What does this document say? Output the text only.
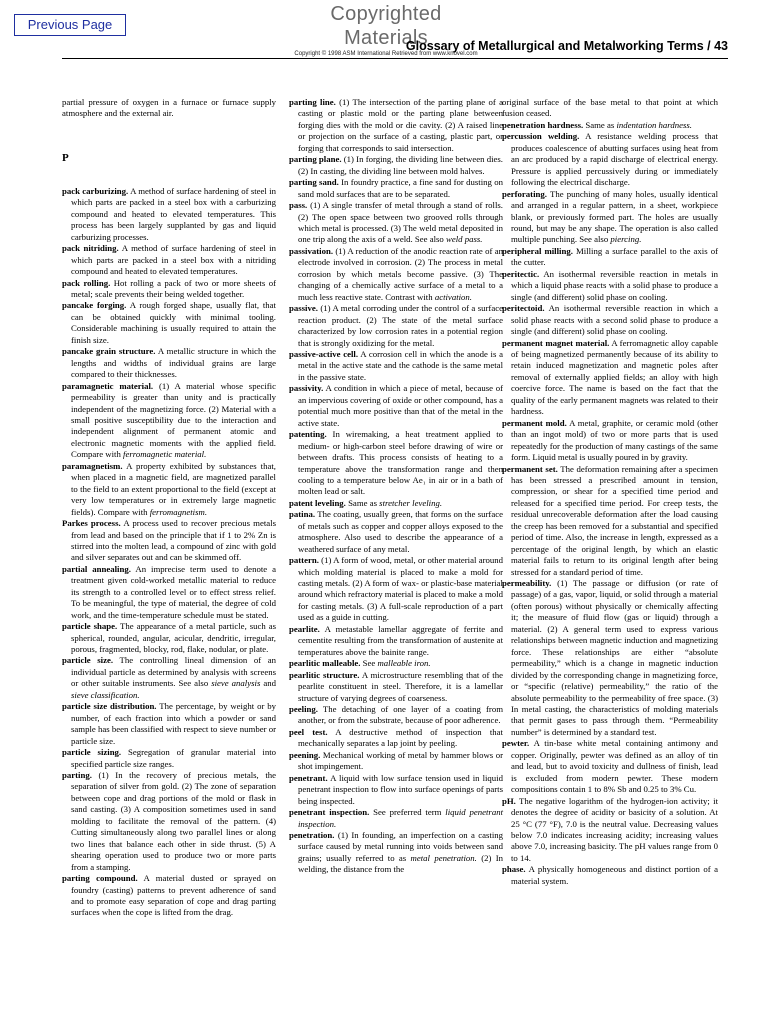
Previous Page	Copyrighted Materials
Copyright © 1998 ASM International Retrieved from www.knovel.com
Glossary of Metallurgical and Metalworking Terms / 43

partial pressure of oxygen in a furnace or furnace supply atmosphere and the external air.

P

pack carburizing. A method of surface hardening of steel in which parts are packed in a steel box with a carburizing compound and heated to elevated temperatures. This process has been largely supplanted by gas and liquid carburizing processes.

pack nitriding. A method of surface hardening of steel in which parts are packed in a steel box with a nitriding compound and heated to elevated temperatures.

pack rolling. Hot rolling a pack of two or more sheets of metal; scale prevents their being welded together.

pancake forging. A rough forged shape, usually flat, that can be obtained quickly with minimal tooling. Considerable machining is usually required to attain the finish size.

pancake grain structure. A metallic structure in which the lengths and widths of individual grains are large compared to their thicknesses.

paramagnetic material. (1) A material whose specific permeability is greater than unity and is practically independent of the magnetizing force. (2) Material with a small positive susceptibility due to the interaction and independent alignment of permanent atomic and electronic magnetic moments with the applied field. Compare with ferromagnetic material.

paramagnetism. A property exhibited by substances that, when placed in a magnetic field, are magnetized parallel to the field to an extent proportional to the field (except at very low temperatures or in extremely large magnetic fields). Compare with ferromagnetism.

Parkes process. A process used to recover precious metals from lead and based on the principle that if 1 to 2% Zn is stirred into the molten lead, a compound of zinc with gold and silver separates out and can be skimmed off.

partial annealing. An imprecise term used to denote a treatment given cold-worked metallic material to reduce its strength to a controlled level or to effect stress relief. To be meaningful, the type of material, the degree of cold work, and the time-temperature schedule must be stated.

particle shape. The appearance of a metal particle, such as spherical, rounded, angular, acicular, dendritic, irregular, porous, fragmented, blocky, rod, flake, nodular, or plate.

particle size. The controlling lineal dimension of an individual particle as determined by analysis with screens or other suitable instruments. See also sieve analysis and sieve classification.

particle size distribution. The percentage, by weight or by number, of each fraction into which a powder or sand sample has been classified with respect to sieve number or particle size.

particle sizing. Segregation of granular material into specified particle size ranges.

parting. (1) In the recovery of precious metals, the separation of silver from gold. (2) The zone of separation between cope and drag portions of the mold or flask in sand casting. (3) A composition sometimes used in sand molding to facilitate the removal of the pattern. (4) Cutting simultaneously along two parallel lines or along two lines that balance each other in side thrust. (5) A shearing operation used to produce two or more parts from a stamping.

parting compound. A material dusted or sprayed on foundry (casting) patterns to prevent adherence of sand and to promote easy separation of cope and drag parting surfaces when the cope is lifted from the drag.

parting line. (1) The intersection of the parting plane of a casting or plastic mold or the parting plane between forging dies with the mold or die cavity. (2) A raised line or projection on the surface of a casting, plastic part, or forging that corresponds to said intersection.

parting plane. (1) In forging, the dividing line between dies. (2) In casting, the dividing line between mold halves.

parting sand. In foundry practice, a fine sand for dusting on sand mold surfaces that are to be separated.

pass. (1) A single transfer of metal through a stand of rolls. (2) The open space between two grooved rolls through which metal is processed. (3) The weld metal deposited in one trip along the axis of a weld. See also weld pass.

passivation. (1) A reduction of the anodic reaction rate of an electrode involved in corrosion. (2) The process in metal corrosion by which metals become passive. (3) The changing of a chemically active surface of a metal to a much less reactive state. Contrast with activation.

passive. (1) A metal corroding under the control of a surface reaction product. (2) The state of the metal surface characterized by low corrosion rates in a potential region that is strongly oxidizing for the metal.

passive-active cell. A corrosion cell in which the anode is a metal in the active state and the cathode is the same metal in the passive state.

passivity. A condition in which a piece of metal, because of an impervious covering of oxide or other compound, has a potential much more positive than that of the metal in the active state.

patenting. In wiremaking, a heat treatment applied to medium- or high-carbon steel before drawing of wire or between drafts. This process consists of heating to a temperature above the transformation range and then cooling to a temperature below Ae₁ in air or in a bath of molten lead or salt.

patent leveling. Same as stretcher leveling.

patina. The coating, usually green, that forms on the surface of metals such as copper and copper alloys exposed to the atmosphere. Also used to describe the appearance of a weathered surface of any metal.

pattern. (1) A form of wood, metal, or other material around which molding material is placed to make a mold for casting metals. (2) A form of wax- or plastic-base material around which refractory material is placed to make a mold for casting metals. (3) A full-scale reproduction of a part used as a guide in cutting.

pearlite. A metastable lamellar aggregate of ferrite and cementite resulting from the transformation of austenite at temperatures above the bainite range.

pearlitic malleable. See malleable iron.

pearlitic structure. A microstructure resembling that of the pearlite constituent in steel. Therefore, it is a lamellar structure of varying degrees of coarseness.

peeling. The detaching of one layer of a coating from another, or from the substrate, because of poor adherence.

peel test. A destructive method of inspection that mechanically separates a lap joint by peeling.

peening. Mechanical working of metal by hammer blows or shot impingement.

penetrant. A liquid with low surface tension used in liquid penetrant inspection to flow into surface openings of parts being inspected.

penetrant inspection. See preferred term liquid penetrant inspection.

penetration. (1) In founding, an imperfection on a casting surface caused by metal running into voids between sand grains; usually referred to as metal penetration. (2) In welding, the distance from the

original surface of the base metal to that point at which fusion ceased.

penetration hardness. Same as indentation hardness.

percussion welding. A resistance welding process that produces coalescence of abutting surfaces using heat from an arc produced by a rapid discharge of electrical energy. Pressure is applied percussively during or immediately following the electrical discharge.

perforating. The punching of many holes, usually identical and arranged in a regular pattern, in a sheet, workpiece blank, or previously formed part. The holes are usually round, but may be any shape. The operation is also called multiple punching. See also piercing.

peripheral milling. Milling a surface parallel to the axis of the cutter.

peritectic. An isothermal reversible reaction in metals in which a liquid phase reacts with a solid phase to produce a single (and different) solid phase on cooling.

peritectoid. An isothermal reversible reaction in which a solid phase reacts with a second solid phase to produce a single (and different) solid phase on cooling.

permanent magnet material. A ferromagnetic alloy capable of being magnetized permanently because of its ability to retain induced magnetization and magnetic poles after removal of externally applied fields; an alloy with high coercive force. The name is based on the fact that the quality of the early permanent magnets was related to their hardness.

permanent mold. A metal, graphite, or ceramic mold (other than an ingot mold) of two or more parts that is used repeatedly for the production of many castings of the same form. Liquid metal is usually poured in by gravity.

permanent set. The deformation remaining after a specimen has been stressed a prescribed amount in tension, compression, or shear for a specified time period and released for a specified time period. For creep tests, the residual unrecoverable deformation after the load causing the creep has been removed for a substantial and specified period of time. Also, the increase in length, expressed as a percentage of the original length, by which an elastic material fails to return to its original length after being stressed for a standard period of time.

permeability. (1) The passage or diffusion (or rate of passage) of a gas, vapor, liquid, or solid through a material (often porous) without physically or chemically affecting it; the measure of fluid flow (gas or liquid) through a material. (2) A general term used to express various relationships between magnetic induction and magnetizing force. These relationships are either “absolute permeability,” which is a change in magnetic induction divided by the corresponding change in magnetizing force, or “specific (relative) permeability,” the ratio of the absolute permeability to the permeability of free space. (3) In metal casting, the characteristics of molding materials that permit gases to pass through them. “Permeability number” is determined by a standard test.

pewter. A tin-base white metal containing antimony and copper. Originally, pewter was defined as an alloy of tin and lead, but to avoid toxicity and dullness of finish, lead is excluded from modern pewter. These modern compositions contain 1 to 8% Sb and 0.25 to 3% Cu.

pH. The negative logarithm of the hydrogen-ion activity; it denotes the degree of acidity or basicity of a solution. At 25 °C (77 °F), 7.0 is the neutral value. Decreasing values below 7.0 indicates increasing acidity; increasing values above 7.0, increasing basicity. The pH values range from 0 to 14.

phase. A physically homogeneous and distinct portion of a material system.
